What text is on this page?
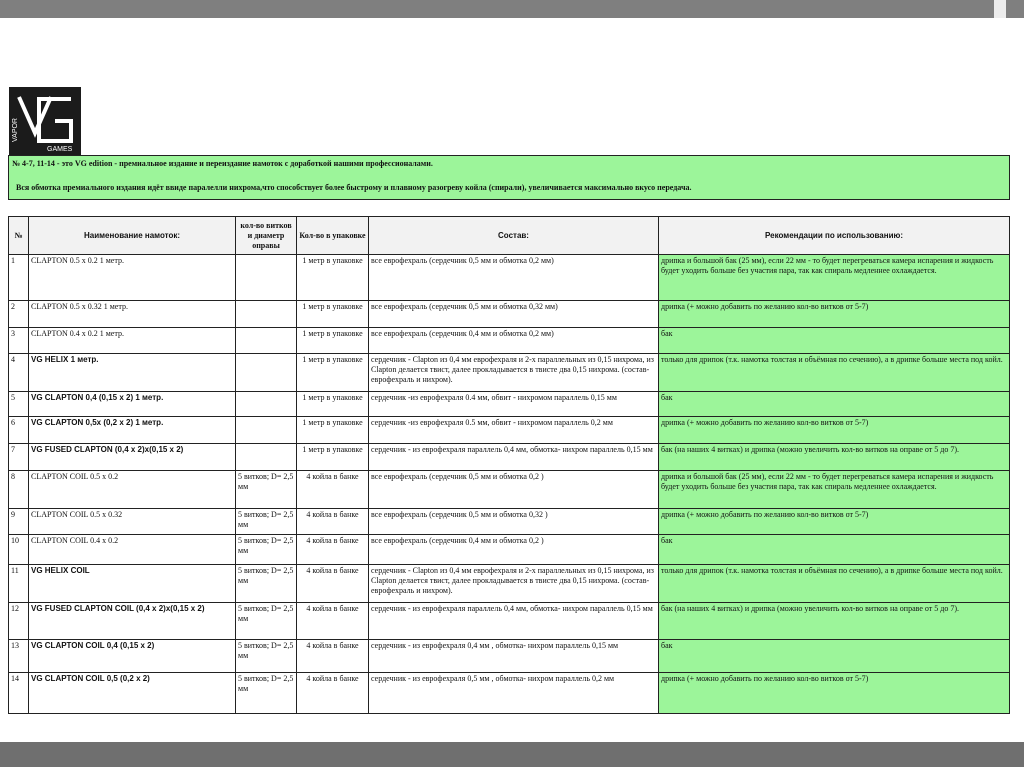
VAPOR
GAMES
№ 4-7, 11-14 - это VG edition - премиальное издание и переиздание намоток с доработкой нашими профессионалами.
Вся обмотка премиального издания идёт ввиде паралелли нихрома,что способствует более быстрому и плавному разогреву койла (спирали), увеличивается максимально вкусо передача.
№	Наименование намоток:	кол-во витков и диаметр оправы	Кол-во в упаковке	Состав:	Рекомендации по использованию:
1	CLAPTON 0.5 х 0.2 1 метр.		1 метр в упаковке	все еврофехраль (сердечник 0,5 мм и обмотка 0,2 мм)	дрипка и большой бак (25 мм), если 22 мм - то будет перегреваться камера испарения и жидкость будет уходить больше без участия пара, так как спираль медленнее охлаждается.
2	CLAPTON 0.5 х 0.32 1 метр.		1 метр в упаковке	все еврофехраль (сердечник 0,5 мм и обмотка 0,32 мм)	дрипка (+ можно добавить по желанию кол-во витков от 5-7)
3	CLAPTON 0.4 х 0.2 1 метр.		1 метр в упаковке	все еврофехраль (сердечник 0,4 мм и обмотка 0,2 мм)	бак
4	VG HELIX 1 метр.		1 метр в упаковке	сердечник - Clapton из 0,4 мм еврофехраля и 2-х параллельных из 0,15 нихрома, из Clapton делается твист, далее прокладывается в твисте два 0,15 нихрома. (состав- еврофехраль и нихром).	только для дрипок (т.к. намотка толстая и объёмная по сечению), а в дрипке больше места под койл.
5	VG CLAPTON 0,4 (0,15 х 2) 1 метр.		1 метр в упаковке	сердечник -из еврофехраля 0.4 мм, обвит - нихромом параллель 0,15 мм	бак
6	VG CLAPTON 0,5х (0,2 х 2) 1 метр.		1 метр в упаковке	сердечник -из еврофехраля 0.5 мм, обвит - нихромом параллель 0,2 мм	дрипка (+ можно добавить по желанию кол-во витков от 5-7)
7	VG FUSED CLAPTON (0,4 х 2)х(0,15 х 2)		1 метр в упаковке	сердечник - из еврофехраля параллель 0,4 мм, обмотка- нихром параллель 0,15 мм	бак (на наших 4 витках) и дрипка (можно увеличить кол-во витков на оправе от 5 до 7).
8	CLAPTON COIL 0.5 х 0.2	5 витков; D= 2,5 мм	4 койла в банке	все еврофехраль (сердечник 0,5 мм и обмотка 0,2 )	дрипка и большой бак (25 мм), если 22 мм - то будет перегреваться камера испарения и жидкость будет уходить больше без участия пара, так как спираль медленнее охлаждается.
9	CLAPTON COIL 0.5 х 0.32	5 витков; D= 2,5 мм	4 койла в банке	все еврофехраль (сердечник 0,5 мм и обмотка 0,32 )	дрипка (+ можно добавить по желанию кол-во витков от 5-7)
10	CLAPTON COIL 0.4 х 0.2	5 витков; D= 2,5 мм	4 койла в банке	все еврофехраль (сердечник 0,4 мм и обмотка 0,2 )	бак
11	VG HELIX COIL	5 витков; D= 2,5 мм	4 койла в банке	сердечник - Clapton из 0,4 мм еврофехраля и 2-х параллельных из 0,15 нихрома, из Clapton делается твист, далее прокладывается в твисте два 0,15 нихрома. (состав- еврофехраль и нихром).	только для дрипок (т.к. намотка толстая и объёмная по сечению), а в дрипке больше места под койл.
12	VG FUSED CLAPTON COIL (0,4 х 2)х(0,15 х 2)	5 витков; D= 2,5 мм	4 койла в банке	сердечник - из еврофехраля параллель 0,4 мм, обмотка- нихром параллель 0,15 мм	бак (на наших 4 витках) и дрипка (можно увеличить кол-во витков на оправе от 5 до 7).
13	VG CLAPTON COIL 0,4 (0,15 х 2)	5 витков; D= 2,5 мм	4 койла в банке	сердечник - из еврофехраля 0,4 мм , обмотка- нихром параллель 0,15 мм	бак
14	VG CLAPTON COIL 0,5 (0,2 х 2)	5 витков; D= 2,5 мм	4 койла в банке	сердечник - из еврофехраля 0,5 мм , обмотка- нихром параллель 0,2 мм	дрипка (+ можно добавить по желанию кол-во витков от 5-7)
